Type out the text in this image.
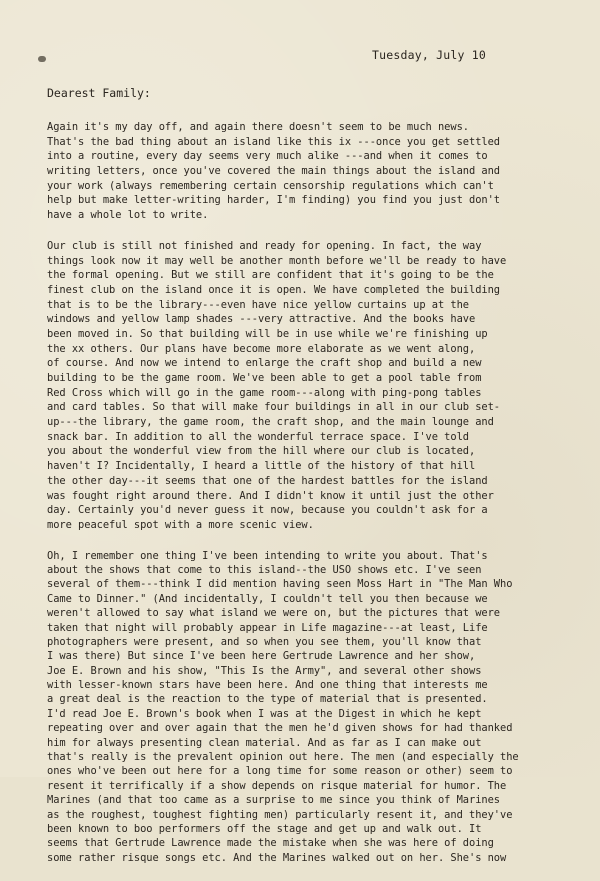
Tuesday, July 10
Dearest Family:
Again it's my day off, and again there doesn't seem to be much news.
That's the bad thing about an island like this ix ---once you get settled
into a routine, every day seems very much alike ---and when it comes to
writing letters, once you've covered the main things about the island and
your work (always remembering certain censorship regulations which can't
help but make letter-writing harder, I'm finding) you find you just don't
have a whole lot to write.
Our club is still not finished and ready for opening. In fact, the way
things look now it may well be another month before we'll be ready to have
the formal opening. But we still are confident that it's going to be the
finest club on the island once it is open. We have completed the building
that is to be the library---even have nice yellow curtains up at the
windows and yellow lamp shades ---very attractive. And the books have
been moved in. So that building will be in use while we're finishing up
the xx others. Our plans have become more elaborate as we went along,
of course. And now we intend to enlarge the craft shop and build a new
building to be the game room. We've been able to get a pool table from
Red Cross which will go in the game room---along with ping-pong tables
and card tables. So that will make four buildings in all in our club set-
up---the library, the game room, the craft shop, and the main lounge and
snack bar. In addition to all the wonderful terrace space. I've told
you about the wonderful view from the hill where our club is located,
haven't I? Incidentally, I heard a little of the history of that hill
the other day---it seems that one of the hardest battles for the island
was fought right around there. And I didn't know it until just the other
day. Certainly you'd never guess it now, because you couldn't ask for a
more peaceful spot with a more scenic view.
Oh, I remember one thing I've been intending to write you about. That's
about the shows that come to this island--the USO shows etc. I've seen
several of them---think I did mention having seen Moss Hart in "The Man Who
Came to Dinner." (And incidentally, I couldn't tell you then because we
weren't allowed to say what island we were on, but the pictures that were
taken that night will probably appear in Life magazine---at least, Life
photographers were present, and so when you see them, you'll know that
I was there) But since I've been here Gertrude Lawrence and her show,
Joe E. Brown and his show, "This Is the Army", and several other shows
with lesser-known stars have been here. And one thing that interests me
a great deal is the reaction to the type of material that is presented.
I'd read Joe E. Brown's book when I was at the Digest in which he kept
repeating over and over again that the men he'd given shows for had thanked
him for always presenting clean material. And as far as I can make out
that's really is the prevalent opinion out here. The men (and especially the
ones who've been out here for a long time for some reason or other) seem to
resent it terrifically if a show depends on risque material for humor. The
Marines (and that too came as a surprise to me since you think of Marines
as the roughest, toughest fighting men) particularly resent it, and they've
been known to boo performers off the stage and get up and walk out. It
seems that Gertrude Lawrence made the mistake when she was here of doing
some rather risque songs etc. And the Marines walked out on her. She's now
